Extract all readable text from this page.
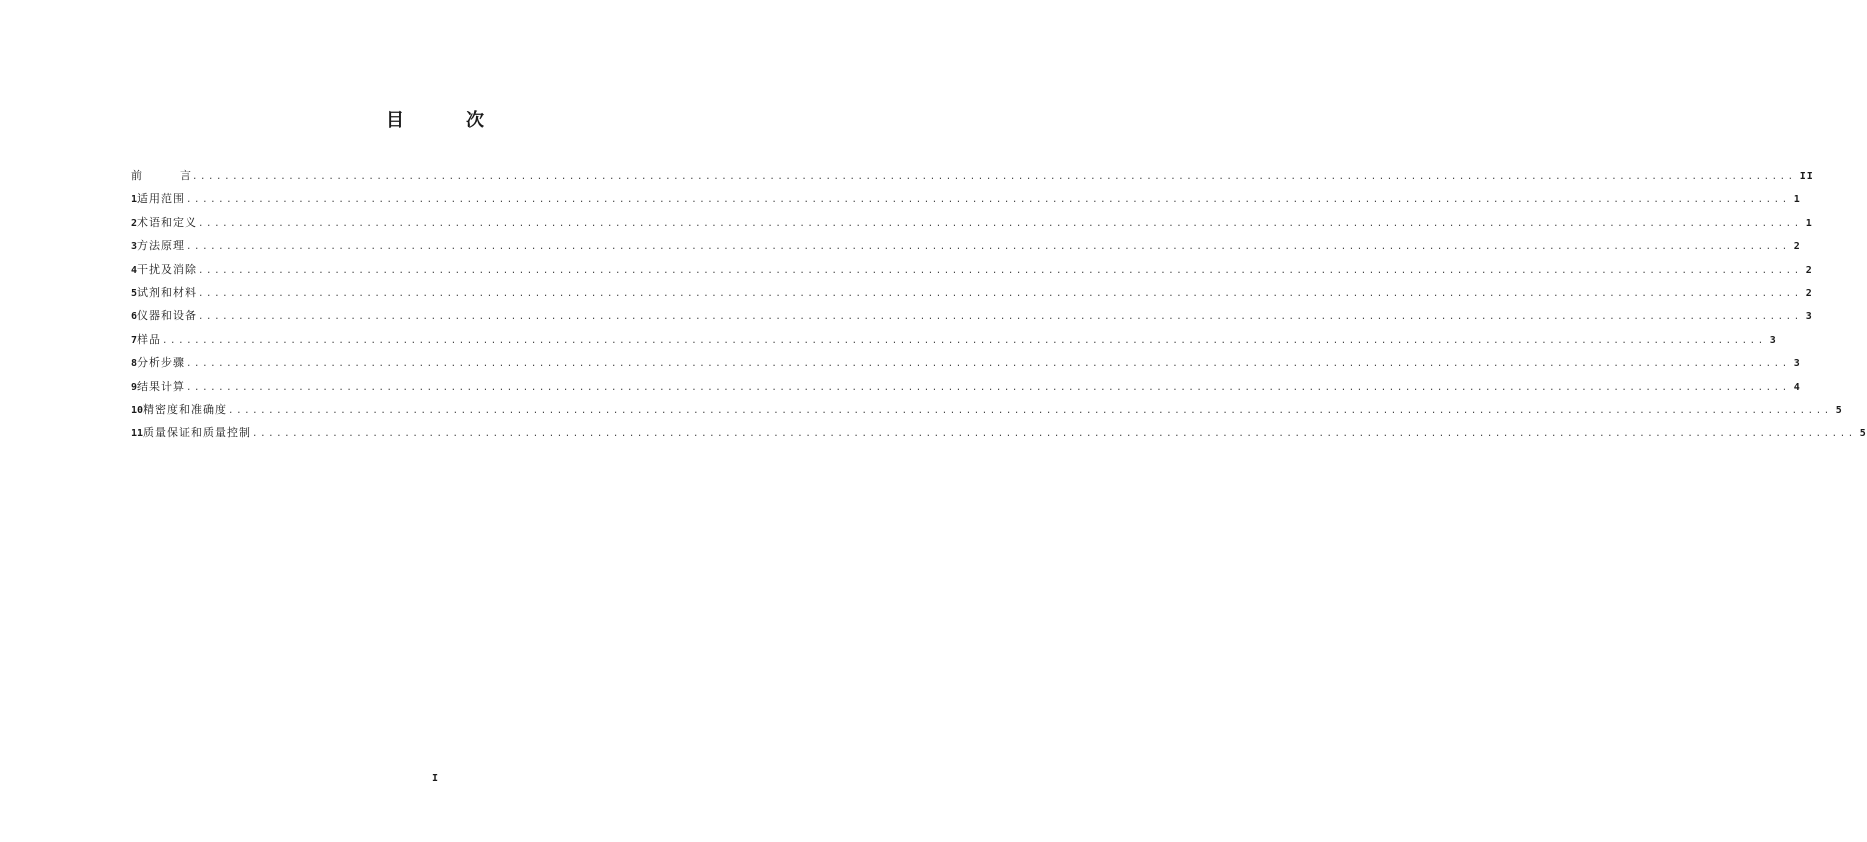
目　次
前	言 ........................................................................................................................................................................................................ II
1 适用范围 ........................................................................................................................................................................................................ 1
2 术语和定义 ........................................................................................................................................................................................................ 1
3 方法原理 ........................................................................................................................................................................................................ 2
4 干扰及消除 ........................................................................................................................................................................................................ 2
5 试剂和材料 ........................................................................................................................................................................................................ 2
6 仪器和设备 ........................................................................................................................................................................................................ 3
7 样品 ........................................................................................................................................................................................................ 3
8 分析步骤 ........................................................................................................................................................................................................ 3
9 结果计算 ........................................................................................................................................................................................................ 4
10 精密度和准确度 ........................................................................................................................................................................................................ 5
11 质量保证和质量控制 ........................................................................................................................................................................................................ 5
I
